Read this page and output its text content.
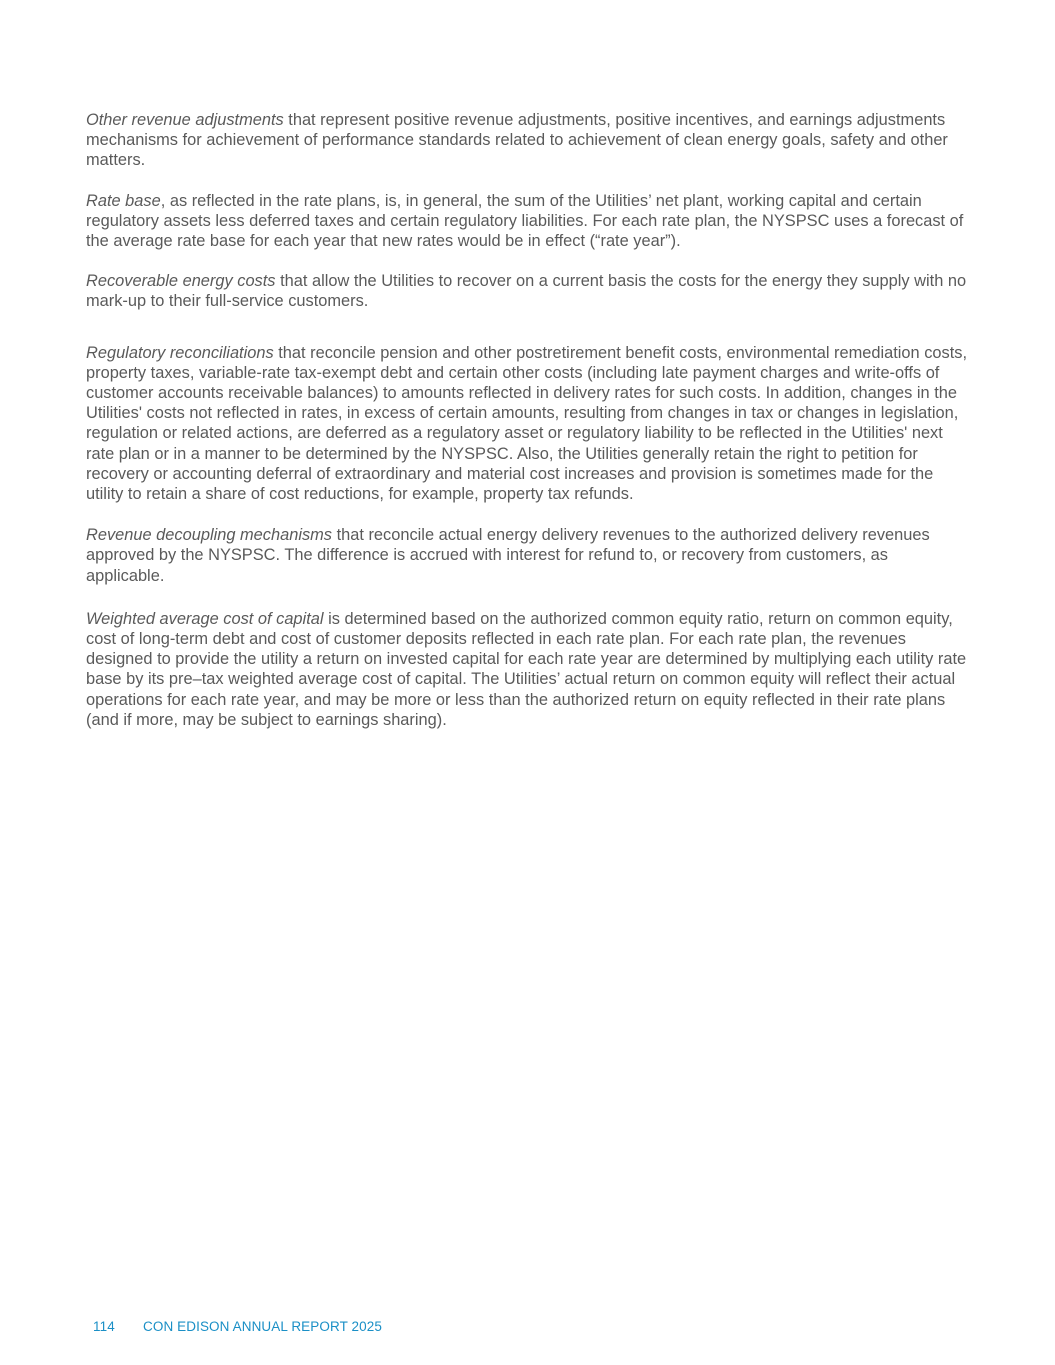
Other revenue adjustments that represent positive revenue adjustments, positive incentives, and earnings adjustments mechanisms for achievement of performance standards related to achievement of clean energy goals, safety and other matters.

Rate base, as reflected in the rate plans, is, in general, the sum of the Utilities’ net plant, working capital and certain regulatory assets less deferred taxes and certain regulatory liabilities. For each rate plan, the NYSPSC uses a forecast of the average rate base for each year that new rates would be in effect (“rate year”).

Recoverable energy costs that allow the Utilities to recover on a current basis the costs for the energy they supply with no mark-up to their full-service customers.

Regulatory reconciliations that reconcile pension and other postretirement benefit costs, environmental remediation costs, property taxes, variable-rate tax-exempt debt and certain other costs (including late payment charges and write-offs of customer accounts receivable balances) to amounts reflected in delivery rates for such costs. In addition, changes in the Utilities' costs not reflected in rates, in excess of certain amounts, resulting from changes in tax or changes in legislation, regulation or related actions, are deferred as a regulatory asset or regulatory liability to be reflected in the Utilities' next rate plan or in a manner to be determined by the NYSPSC. Also, the Utilities generally retain the right to petition for recovery or accounting deferral of extraordinary and material cost increases and provision is sometimes made for the utility to retain a share of cost reductions, for example, property tax refunds.

Revenue decoupling mechanisms that reconcile actual energy delivery revenues to the authorized delivery revenues approved by the NYSPSC. The difference is accrued with interest for refund to, or recovery from customers, as applicable.

Weighted average cost of capital is determined based on the authorized common equity ratio, return on common equity, cost of long-term debt and cost of customer deposits reflected in each rate plan. For each rate plan, the revenues designed to provide the utility a return on invested capital for each rate year are determined by multiplying each utility rate base by its pre‒tax weighted average cost of capital. The Utilities’ actual return on common equity will reflect their actual operations for each rate year, and may be more or less than the authorized return on equity reflected in their rate plans (and if more, may be subject to earnings sharing).

114 CON EDISON ANNUAL REPORT 2025
